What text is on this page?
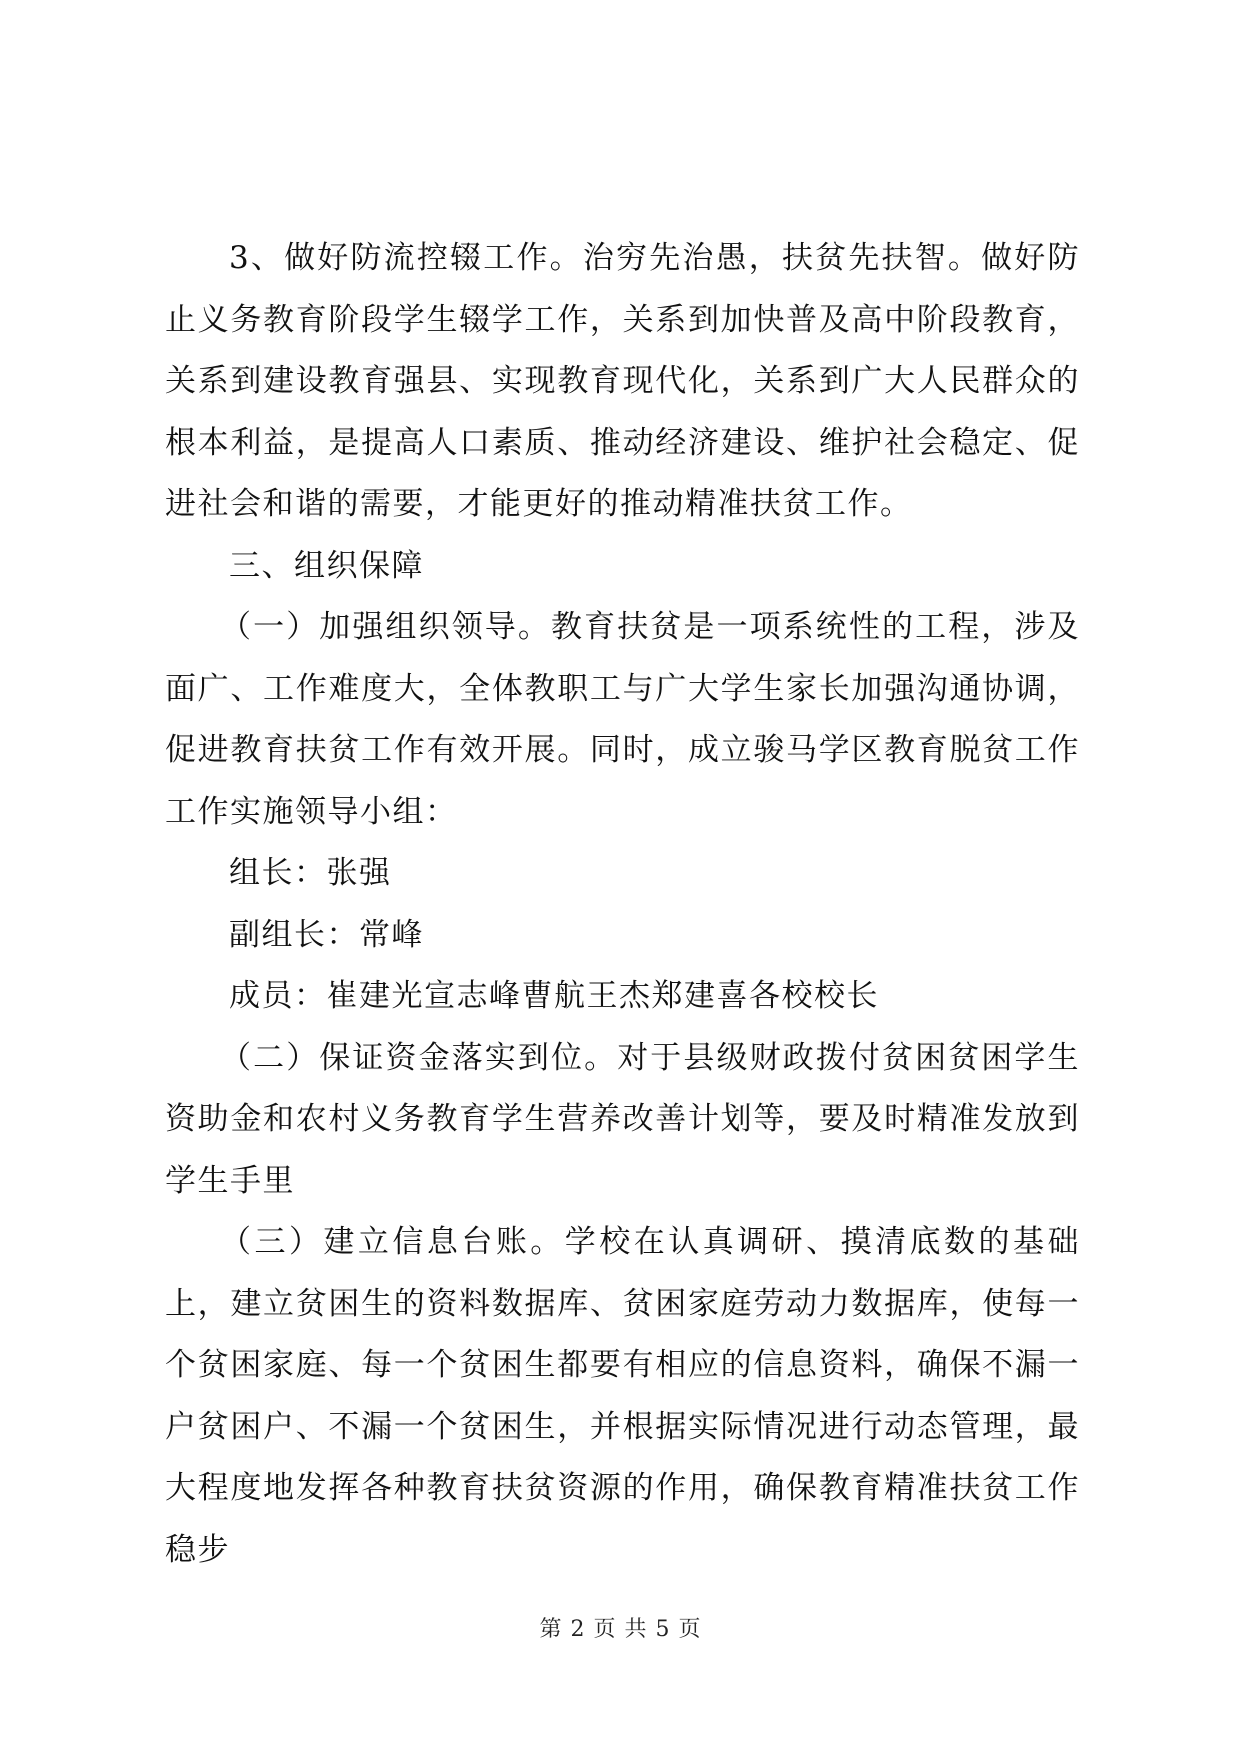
3、做好防流控辍工作。治穷先治愚，扶贫先扶智。做好防止义务教育阶段学生辍学工作，关系到加快普及高中阶段教育，关系到建设教育强县、实现教育现代化，关系到广大人民群众的根本利益，是提高人口素质、推动经济建设、维护社会稳定、促进社会和谐的需要，才能更好的推动精准扶贫工作。

三、组织保障

（一）加强组织领导。教育扶贫是一项系统性的工程，涉及面广、工作难度大，全体教职工与广大学生家长加强沟通协调，促进教育扶贫工作有效开展。同时，成立骏马学区教育脱贫工作工作实施领导小组：

组长：张强

副组长：常峰

成员：崔建光宣志峰曹航王杰郑建喜各校校长

（二）保证资金落实到位。对于县级财政拨付贫困贫困学生资助金和农村义务教育学生营养改善计划等，要及时精准发放到学生手里

（三）建立信息台账。学校在认真调研、摸清底数的基础上，建立贫困生的资料数据库、贫困家庭劳动力数据库，使每一个贫困家庭、每一个贫困生都要有相应的信息资料，确保不漏一户贫困户、不漏一个贫困生，并根据实际情况进行动态管理，最大程度地发挥各种教育扶贫资源的作用，确保教育精准扶贫工作稳步

第 2 页 共 5 页
